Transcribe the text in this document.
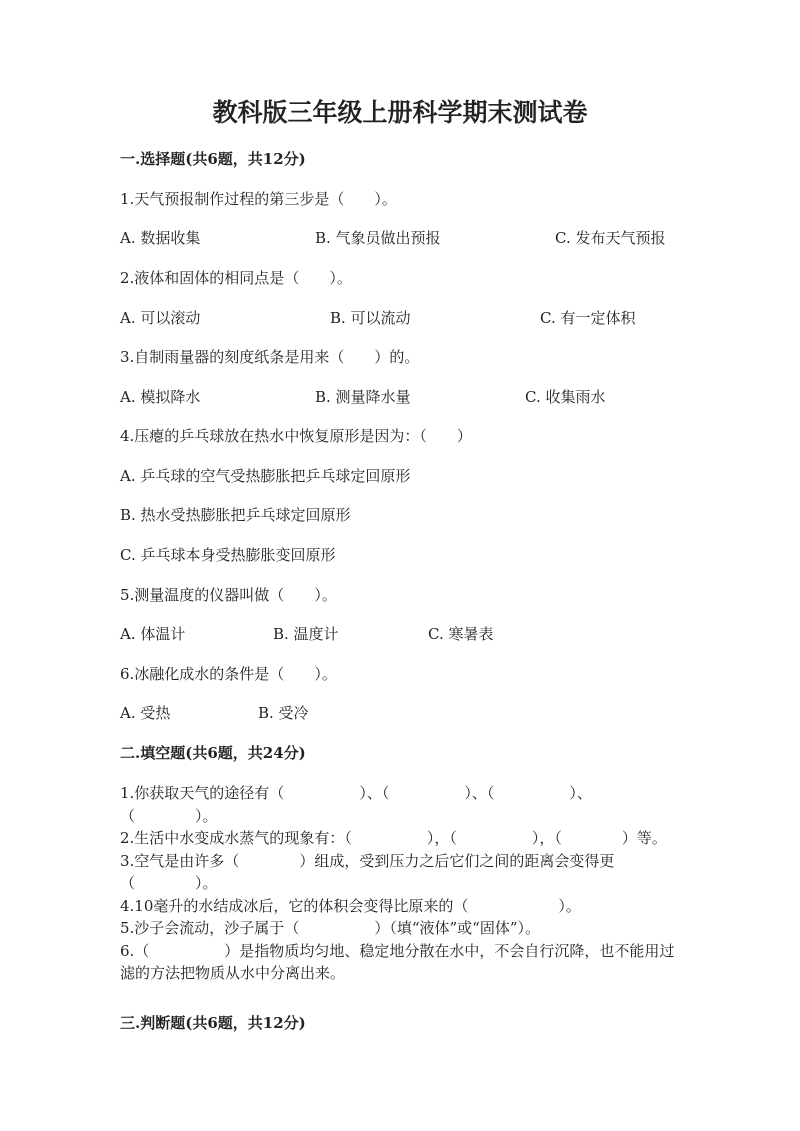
教科版三年级上册科学期末测试卷
一.选择题(共6题，共12分)
1.天气预报制作过程的第三步是（　　）。
A. 数据收集	B. 气象员做出预报	C. 发布天气预报
2.液体和固体的相同点是（　　）。
A. 可以滚动	B. 可以流动	C. 有一定体积
3.自制雨量器的刻度纸条是用来（　　）的。
A. 模拟降水	B. 测量降水量	C. 收集雨水
4.压瘪的乒乓球放在热水中恢复原形是因为：（　　）
A. 乒乓球的空气受热膨胀把乒乓球定回原形
B. 热水受热膨胀把乒乓球定回原形
C. 乒乓球本身受热膨胀变回原形
5.测量温度的仪器叫做（　　）。
A. 体温计	B. 温度计	C. 寒暑表
6.冰融化成水的条件是（　　）。
A. 受热	B. 受冷
二.填空题(共6题，共24分)

1.你获取天气的途径有（　　　　　）、（　　　　　）、（　　　　　）、（　　　　）。

2.生活中水变成水蒸气的现象有：（　　　　　），（　　　　　），（　　　　）等。

3.空气是由许多（　　　　）组成，受到压力之后它们之间的距离会变得更（　　　　）。

4.10毫升的水结成冰后，它的体积会变得比原来的（　　　　　　）。

5.沙子会流动，沙子属于（　　　　　）（填“液体”或“固体”）。

6.（　　　　　）是指物质均匀地、稳定地分散在水中，不会自行沉降，也不能用过滤的方法把物质从水中分离出来。

三.判断题(共6题，共12分)
